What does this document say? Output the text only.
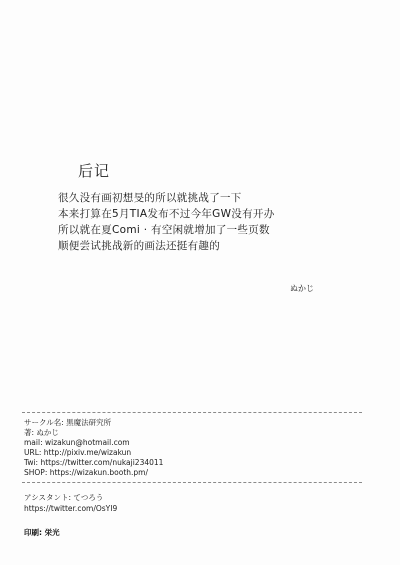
后记
很久没有画初想旻的所以就挑战了一下
本来打算在5月TIA发布不过今年GW没有开办
所以就在夏Comi · 有空闲就增加了一些页数
顺便尝试挑战新的画法还挺有趣的
ぬかじ
サークル名: 黒魔法研究所
著: ぬかじ
mail: wizakun@hotmail.com
URL: http://pixiv.me/wizakun
Twi: https://twitter.com/nukaji234011
SHOP: https://wizakun.booth.pm/
アシスタント: てつろう
https://twitter.com/OsYI9
印刷: 栄光
